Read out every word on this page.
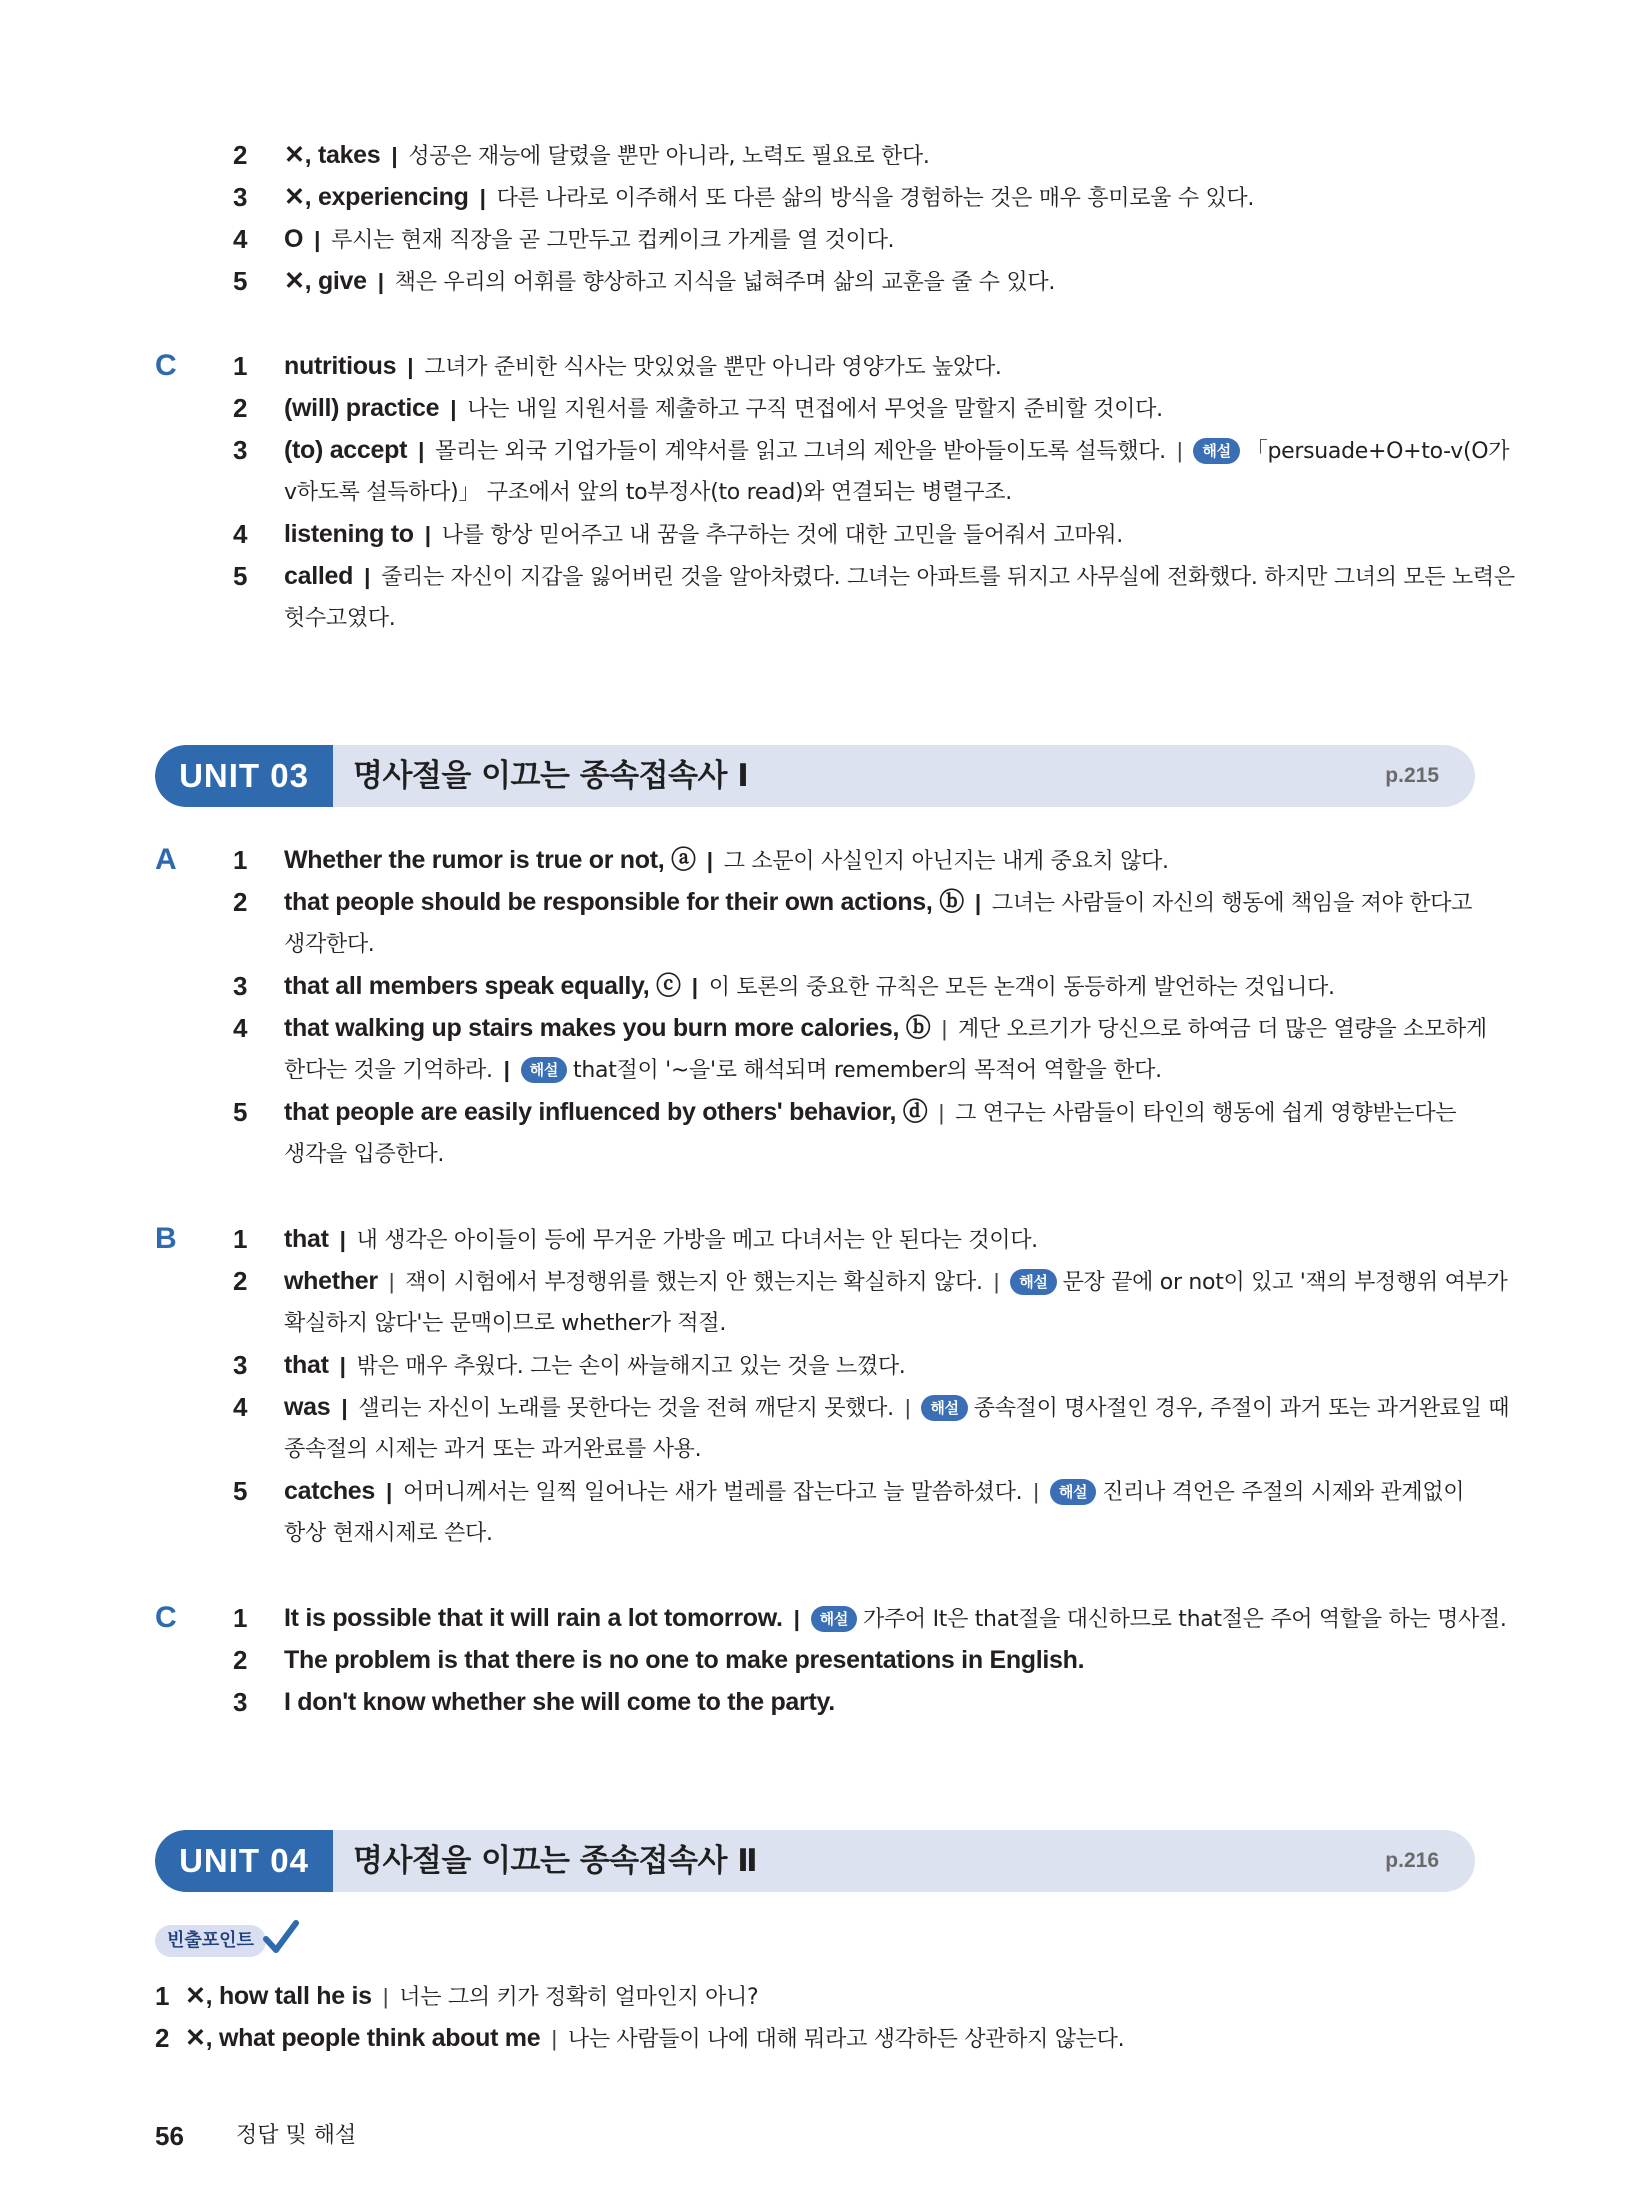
2 ✕, takes | 성공은 재능에 달렸을 뿐만 아니라, 노력도 필요로 한다.
3 ✕, experiencing | 다른 나라로 이주해서 또 다른 삶의 방식을 경험하는 것은 매우 흥미로울 수 있다.
4 O | 루시는 현재 직장을 곧 그만두고 컵케이크 가게를 열 것이다.
5 ✕, give | 책은 우리의 어휘를 향상하고 지식을 넓혀주며 삶의 교훈을 줄 수 있다.
C 1 nutritious | 그녀가 준비한 식사는 맛있었을 뿐만 아니라 영양가도 높았다.
2 (will) practice | 나는 내일 지원서를 제출하고 구직 면접에서 무엇을 말할지 준비할 것이다.
3 (to) accept | 몰리는 외국 기업가들이 계약서를 읽고 그녀의 제안을 받아들이도록 설득했다. | 해설 「persuade+O+to-v(O가
v하도록 설득하다)」 구조에서 앞의 to부정사(to read)와 연결되는 병렬구조.
4 listening to | 나를 항상 믿어주고 내 꿈을 추구하는 것에 대한 고민을 들어줘서 고마워.
5 called | 줄리는 자신이 지갑을 잃어버린 것을 알아차렸다. 그녀는 아파트를 뒤지고 사무실에 전화했다. 하지만 그녀의 모든 노력은
헛수고였다.
UNIT 03	명사절을 이끄는 종속접속사 Ⅰ	p.215
A 1 Whether the rumor is true or not, ⓐ | 그 소문이 사실인지 아닌지는 내게 중요치 않다.
2 that people should be responsible for their own actions, ⓑ | 그녀는 사람들이 자신의 행동에 책임을 져야 한다고
생각한다.
3 that all members speak equally, ⓒ | 이 토론의 중요한 규칙은 모든 논객이 동등하게 발언하는 것입니다.
4 that walking up stairs makes you burn more calories, ⓑ | 계단 오르기가 당신으로 하여금 더 많은 열량을 소모하게
한다는 것을 기억하라. | 해설 that절이 '~을'로 해석되며 remember의 목적어 역할을 한다.
5 that people are easily influenced by others' behavior, ⓓ | 그 연구는 사람들이 타인의 행동에 쉽게 영향받는다는
생각을 입증한다.
B 1 that | 내 생각은 아이들이 등에 무거운 가방을 메고 다녀서는 안 된다는 것이다.
2 whether | 잭이 시험에서 부정행위를 했는지 안 했는지는 확실하지 않다. | 해설 문장 끝에 or not이 있고 '잭의 부정행위 여부가
확실하지 않다'는 문맥이므로 whether가 적절.
3 that | 밖은 매우 추웠다. 그는 손이 싸늘해지고 있는 것을 느꼈다.
4 was | 샐리는 자신이 노래를 못한다는 것을 전혀 깨닫지 못했다. | 해설 종속절이 명사절인 경우, 주절이 과거 또는 과거완료일 때
종속절의 시제는 과거 또는 과거완료를 사용.
5 catches | 어머니께서는 일찍 일어나는 새가 벌레를 잡는다고 늘 말씀하셨다. | 해설 진리나 격언은 주절의 시제와 관계없이
항상 현재시제로 쓴다.
C 1 It is possible that it will rain a lot tomorrow. | 해설 가주어 It은 that절을 대신하므로 that절은 주어 역할을 하는 명사절.
2 The problem is that there is no one to make presentations in English.
3 I don't know whether she will come to the party.
UNIT 04	명사절을 이끄는 종속접속사 Ⅱ	p.216
빈출포인트
1 ✕, how tall he is | 너는 그의 키가 정확히 얼마인지 아니?
2 ✕, what people think about me | 나는 사람들이 나에 대해 뭐라고 생각하든 상관하지 않는다.
56 정답 및 해설
